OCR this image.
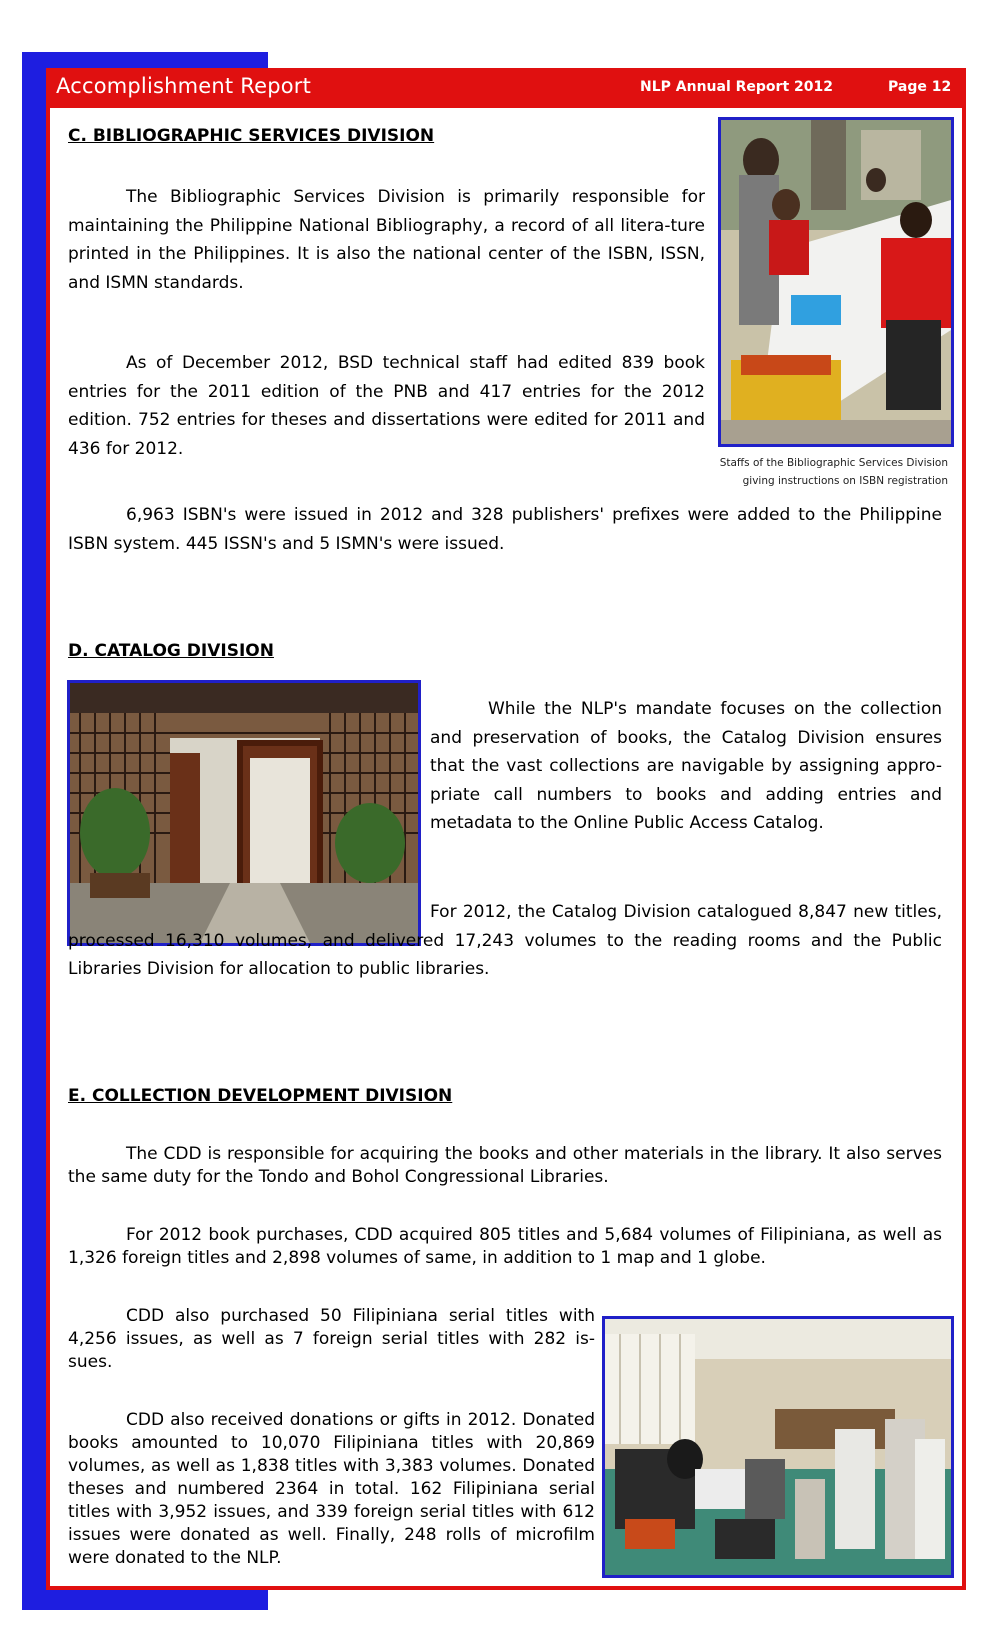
Accomplishment Report	NLP Annual Report 2012	Page 12
C. BIBLIOGRAPHIC SERVICES DIVISION

The Bibliographic Services Division is primarily responsible for maintaining the Philippine National Bibliography, a record of all litera-ture printed in the Philippines. It is also the national center of the ISBN, ISSN, and ISMN standards.

As of December 2012, BSD technical staff had edited 839 book entries for the 2011 edition of the PNB and 417 entries for the 2012 edition. 752 entries for theses and dissertations were edited for 2011 and 436 for 2012.

Staffs of the Bibliographic Services Division
giving instructions on ISBN registration

6,963 ISBN's were issued in 2012 and 328 publishers' prefixes were added to the Philippine ISBN system. 445 ISSN's and 5 ISMN's were issued.

D. CATALOG DIVISION

While the NLP's mandate focuses on the collection and preservation of books, the Catalog Division ensures that the vast collections are navigable by assigning appro-priate call numbers to books and adding entries and metadata to the Online Public Access Catalog.

For 2012, the Catalog Division catalogued 8,847 new titles, processed 16,310 volumes, and delivered 17,243 volumes to the reading rooms and the Public Libraries Division for allocation to public libraries.

E. COLLECTION DEVELOPMENT DIVISION

The CDD is responsible for acquiring the books and other materials in the library. It also serves the same duty for the Tondo and Bohol Congressional Libraries.

For 2012 book purchases, CDD acquired 805 titles and 5,684 volumes of Filipiniana, as well as 1,326 foreign titles and 2,898 volumes of same, in addition to 1 map and 1 globe.

CDD also purchased 50 Filipiniana serial titles with 4,256 issues, as well as 7 foreign serial titles with 282 is-sues.

CDD also received donations or gifts in 2012. Donated books amounted to 10,070 Filipiniana titles with 20,869 volumes, as well as 1,838 titles with 3,383 volumes. Donated theses and numbered 2364 in total. 162 Filipiniana serial titles with 3,952 issues, and 339 foreign serial titles with 612 issues were donated as well. Finally, 248 rolls of microfilm were donated to the NLP.
